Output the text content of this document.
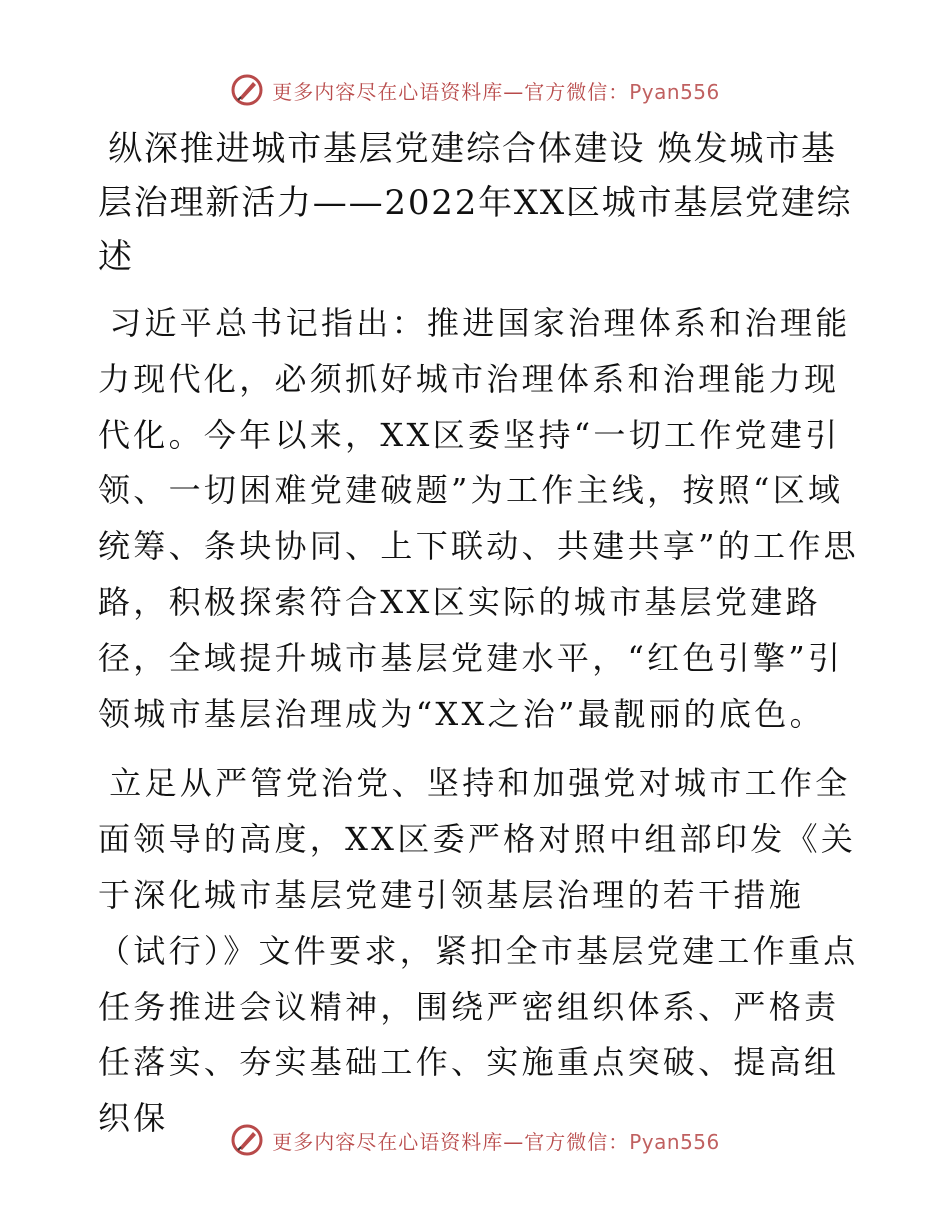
更多内容尽在心语资料库—官方微信：Pyan556
纵深推进城市基层党建综合体建设 焕发城市基层治理新活力——2022年XX区城市基层党建综述

习近平总书记指出：推进国家治理体系和治理能力现代化，必须抓好城市治理体系和治理能力现代化。今年以来，XX区委坚持“一切工作党建引领、一切困难党建破题”为工作主线，按照“区域统筹、条块协同、上下联动、共建共享”的工作思路，积极探索符合XX区实际的城市基层党建路径，全域提升城市基层党建水平，“红色引擎”引领城市基层治理成为“XX之治”最靓丽的底色。

立足从严管党治党、坚持和加强党对城市工作全面领导的高度，XX区委严格对照中组部印发《关于深化城市基层党建引领基层治理的若干措施（试行）》文件要求，紧扣全市基层党建工作重点任务推进会议精神，围绕严密组织体系、严格责任落实、夯实基础工作、实施重点突破、提高组织保

更多内容尽在心语资料库—官方微信：Pyan556
